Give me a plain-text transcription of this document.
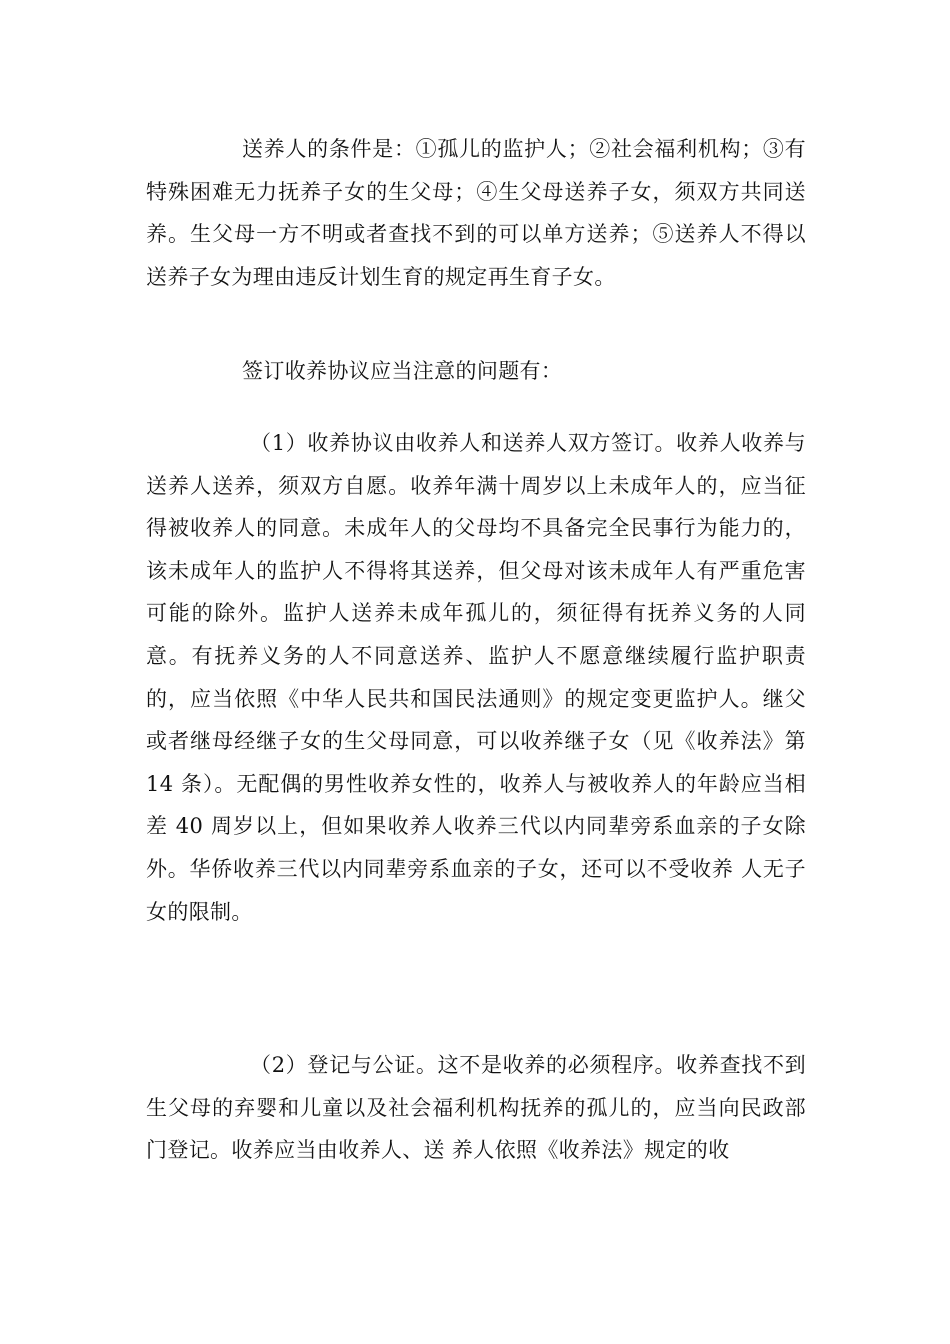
送养人的条件是：①孤儿的监护人；②社会福利机构；③有特殊困难无力抚养子女的生父母；④生父母送养子女，须双方共同送养。生父母一方不明或者查找不到的可以单方送养；⑤送养人不得以送养子女为理由违反计划生育的规定再生育子女。

签订收养协议应当注意的问题有：

（1）收养协议由收养人和送养人双方签订。收养人收养与送养人送养，须双方自愿。收养年满十周岁以上未成年人的，应当征得被收养人的同意。未成年人的父母均不具备完全民事行为能力的，该未成年人的监护人不得将其送养，但父母对该未成年人有严重危害可能的除外。监护人送养未成年孤儿的，须征得有抚养义务的人同意。有抚养义务的人不同意送养、监护人不愿意继续履行监护职责的，应当依照《中华人民共和国民法通则》的规定变更监护人。继父或者继母经继子女的生父母同意，可以收养继子女（见《收养法》第 14 条）。无配偶的男性收养女性的，收养人与被收养人的年龄应当相差 40 周岁以上，但如果收养人收养三代以内同辈旁系血亲的子女除外。华侨收养三代以内同辈旁系血亲的子女，还可以不受收养 人无子女的限制。

（2）登记与公证。这不是收养的必须程序。收养查找不到生父母的弃婴和儿童以及社会福利机构抚养的孤儿的，应当向民政部门登记。收养应当由收养人、送 养人依照《收养法》规定的收
